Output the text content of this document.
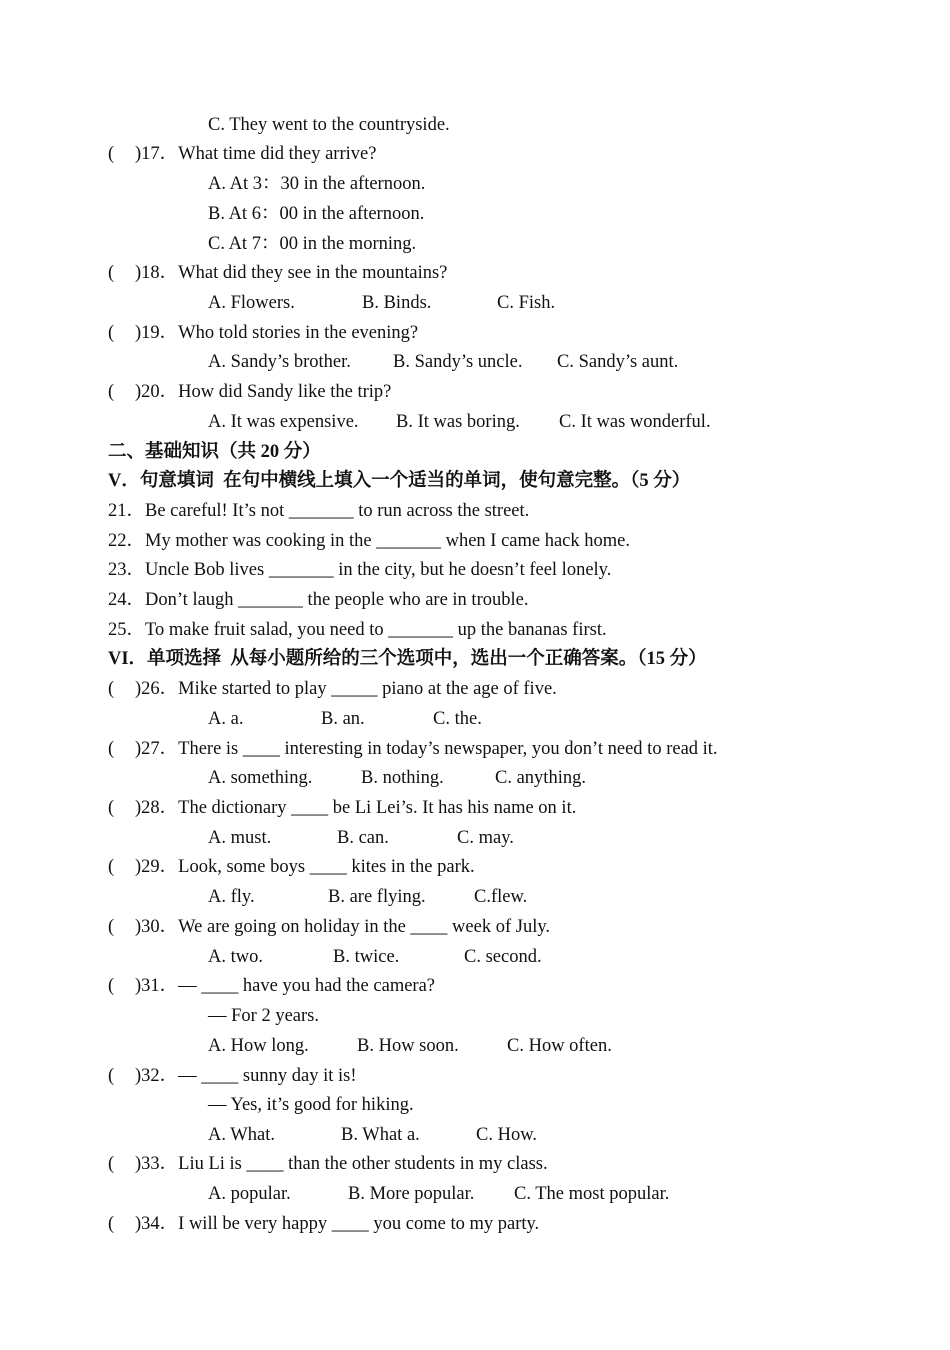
C. They went to the countryside.
( )17．What time did they arrive?
A. At 3：30 in the afternoon.
B. At 6：00 in the afternoon.
C. At 7：00 in the morning.
( )18．What did they see in the mountains?
A. Flowers.	B. Binds.	C. Fish.
( )19．Who told stories in the evening?
A. Sandy’s brother. B. Sandy’s uncle. C. Sandy’s aunt.
( )20．How did Sandy like the trip?
A. It was expensive. B. It was boring. C. It was wonderful.
二、基础知识（共 20 分）
V．句意填词  在句中横线上填入一个适当的单词，使句意完整。（5 分）
21．Be careful! It’s not _______ to run across the street.
22．My mother was cooking in the _______ when I came hack home.
23．Uncle Bob lives _______ in the city, but he doesn’t feel lonely.
24．Don’t laugh _______ the people who are in trouble.
25．To make fruit salad, you need to _______ up the bananas first.
VI．单项选择  从每小题所给的三个选项中，选出一个正确答案。（15 分）
( )26．Mike started to play _____ piano at the age of five.
A. a.	B. an.	C. the.
( )27．There is ____ interesting in today’s newspaper, you don’t need to read it.
A. something.	B. nothing.	C. anything.
( )28．The dictionary ____ be Li Lei’s. It has his name on it.
A. must.	B. can.	C. may.
( )29．Look, some boys ____ kites in the park.
A. fly.	B. are flying.	C.flew.
( )30．We are going on holiday in the ____ week of July.
A. two.	B. twice.	C. second.
( )31．— ____ have you had the camera?
— For 2 years.
A. How long.	B. How soon.	C. How often.
( )32．— ____ sunny day it is!
— Yes, it’s good for hiking.
A. What.	B. What a.	C. How.
( )33．Liu Li is ____ than the other students in my class.
A. popular.	B. More popular. C. The most popular.
( )34．I will be very happy ____ you come to my party.
